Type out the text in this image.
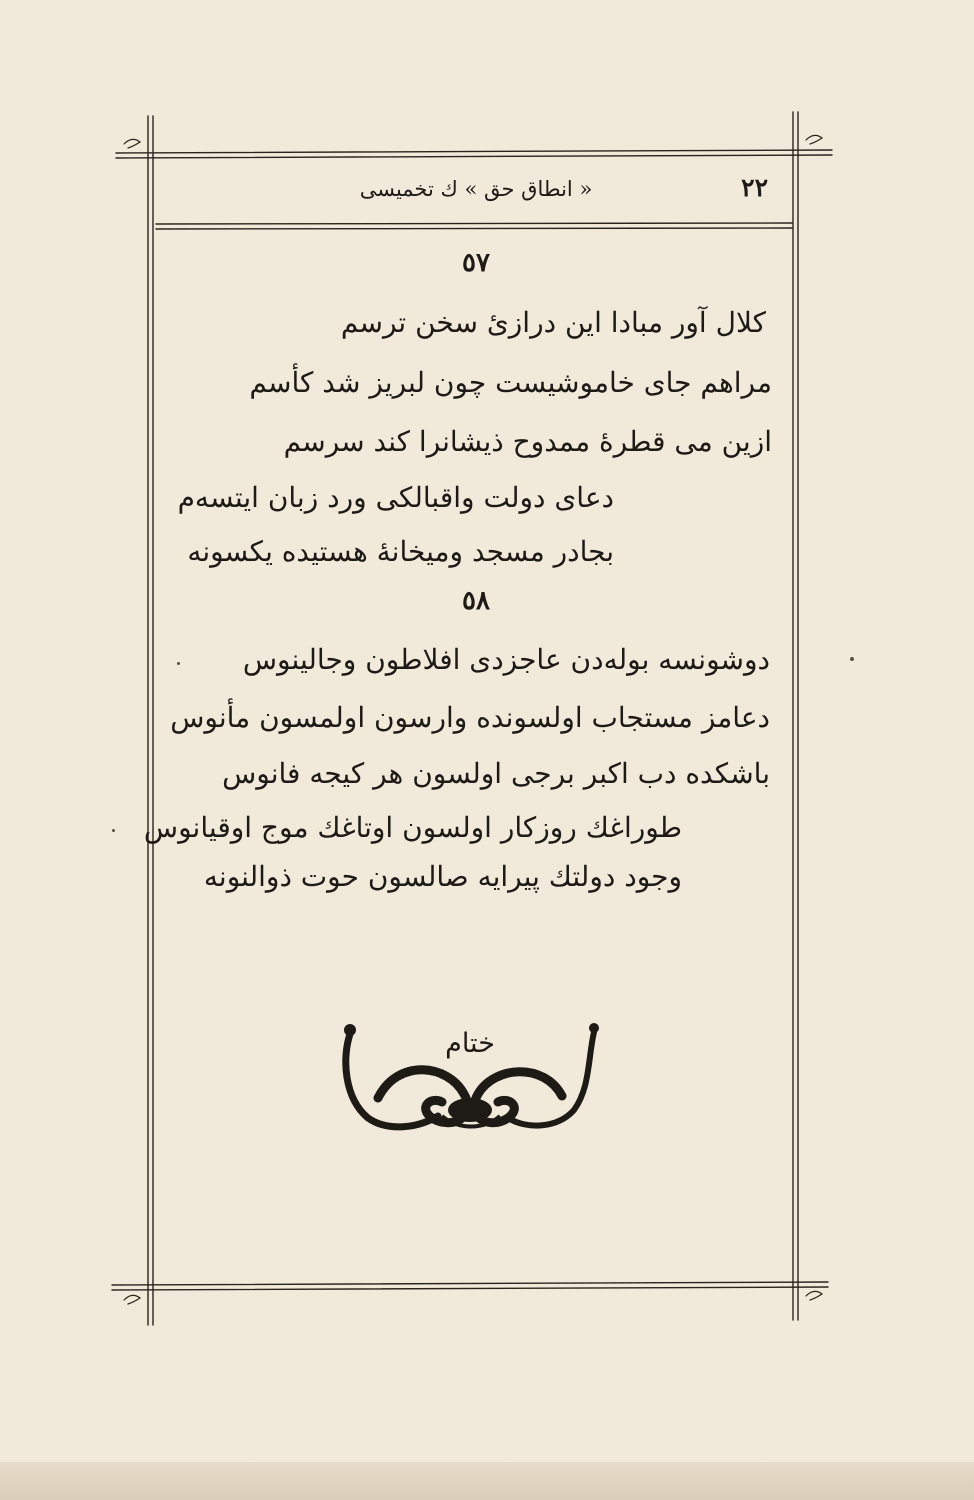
٢٢
« انطاق حق » ك تخميسى
٥٧
كلال آور مبادا این درازیٔ سخن ترسم
مراهم جای خاموشیست چون لبریز شد کأسم
ازین می قطرهٔ ممدوح ذیشانرا کند سرسم
دعای دولت واقبالکی ورد زبان ایتسه‌م
بجادر مسجد ومیخانهٔ هستیده یکسونه
٥٨
دوشونسه بوله‌دن عاجزدی افلاطون وجالینوس
دعامز مستجاب اولسونده وارسون اولمسون مأنوس
باشکده دب اکبر برجی اولسون هر کیجه فانوس
طوراغك روزکار اولسون اوتاغك موج اوقیانوس
وجود دولتك پیرایه صالسون حوت ذوالنونه
ختام
